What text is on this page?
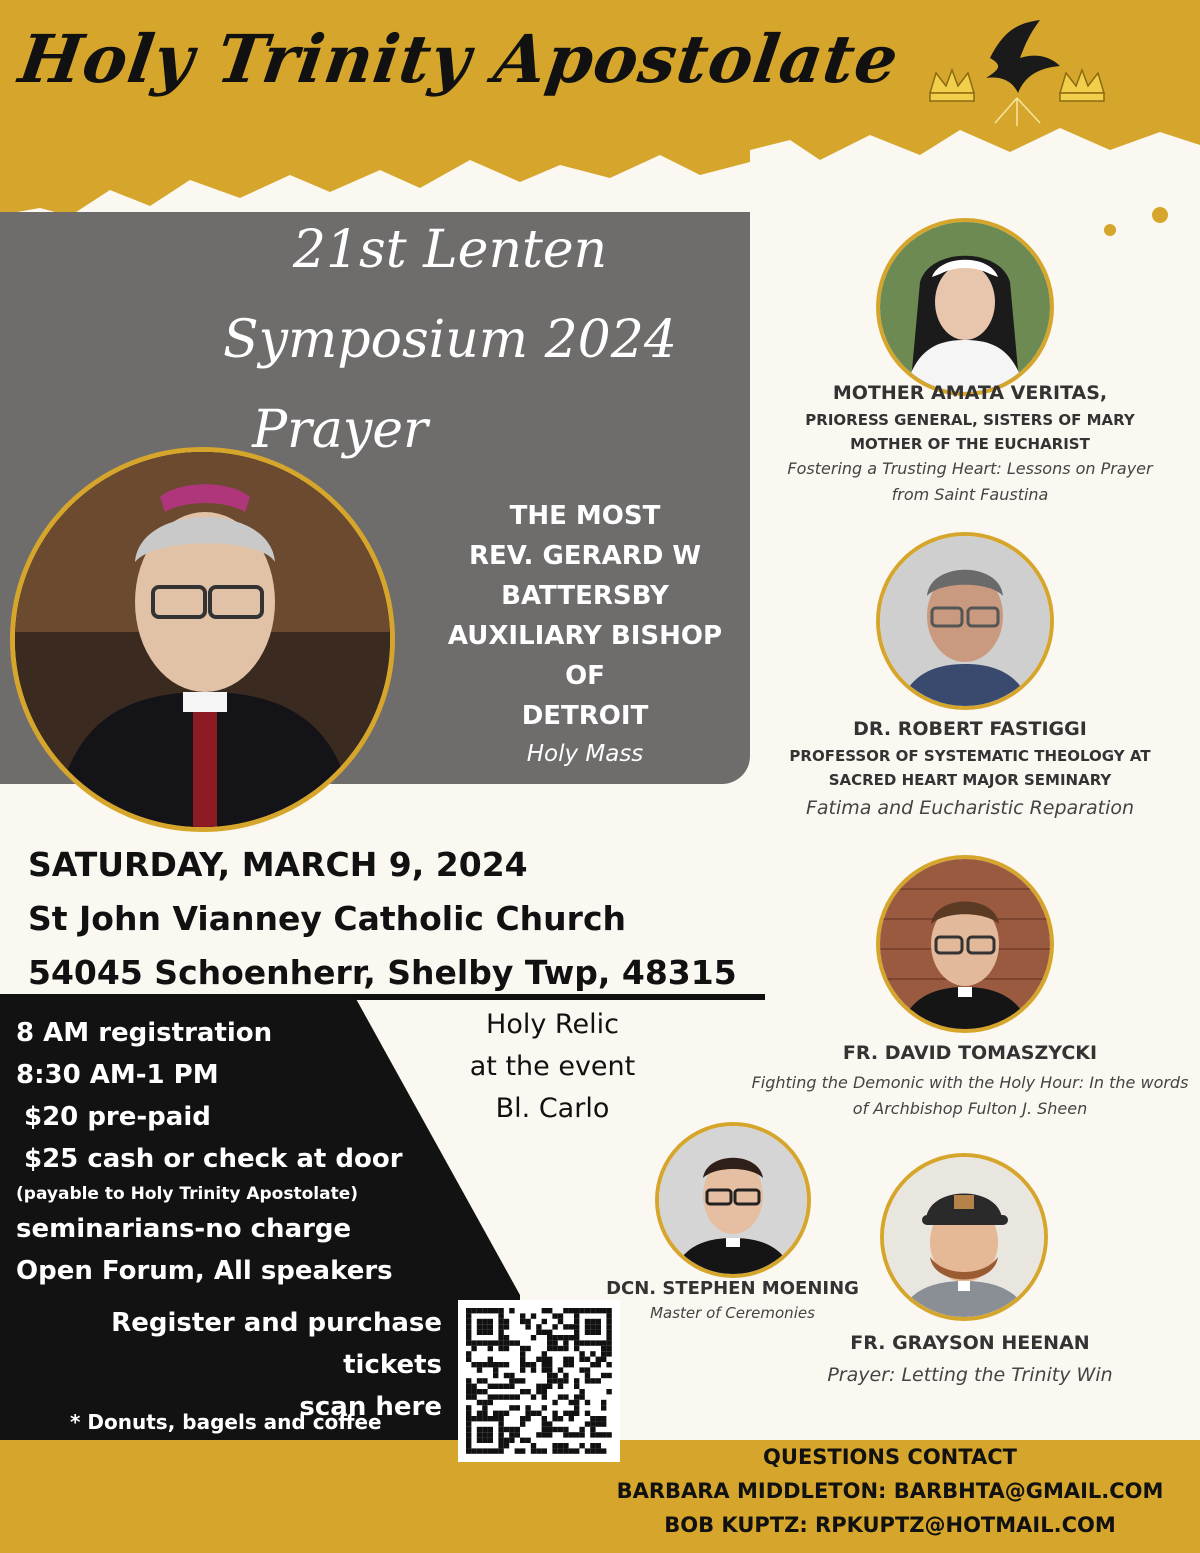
Holy Trinity Apostolate
21st Lenten
Symposium 2024
Prayer
THE MOST
REV. GERARD W
BATTERSBY
AUXILIARY BISHOP OF
DETROIT
Holy Mass
MOTHER AMATA VERITAS,
PRIORESS GENERAL, SISTERS OF MARY
MOTHER OF THE EUCHARIST
Fostering a Trusting Heart: Lessons on Prayer
from Saint Faustina
DR. ROBERT FASTIGGI
PROFESSOR OF SYSTEMATIC THEOLOGY AT
SACRED HEART MAJOR SEMINARY
Fatima and Eucharistic Reparation
FR. DAVID TOMASZYCKI
Fighting the Demonic with the Holy Hour: In the words
of Archbishop Fulton J. Sheen
DCN. STEPHEN MOENING
Master of Ceremonies
FR. GRAYSON HEENAN
Prayer: Letting the Trinity Win
SATURDAY, MARCH 9, 2024
St John Vianney Catholic Church
54045 Schoenherr, Shelby Twp, 48315
8 AM registration
8:30 AM-1 PM
$20 pre-paid
$25 cash or check at door
(payable to Holy Trinity Apostolate)
seminarians-no charge
Open Forum, All speakers
Register and purchase tickets
scan here
* Donuts, bagels and coffee
Holy Relic
at the event
Bl. Carlo
QUESTIONS CONTACT
BARBARA MIDDLETON: BARBHTA@GMAIL.COM
BOB KUPTZ: RPKUPTZ@HOTMAIL.COM
